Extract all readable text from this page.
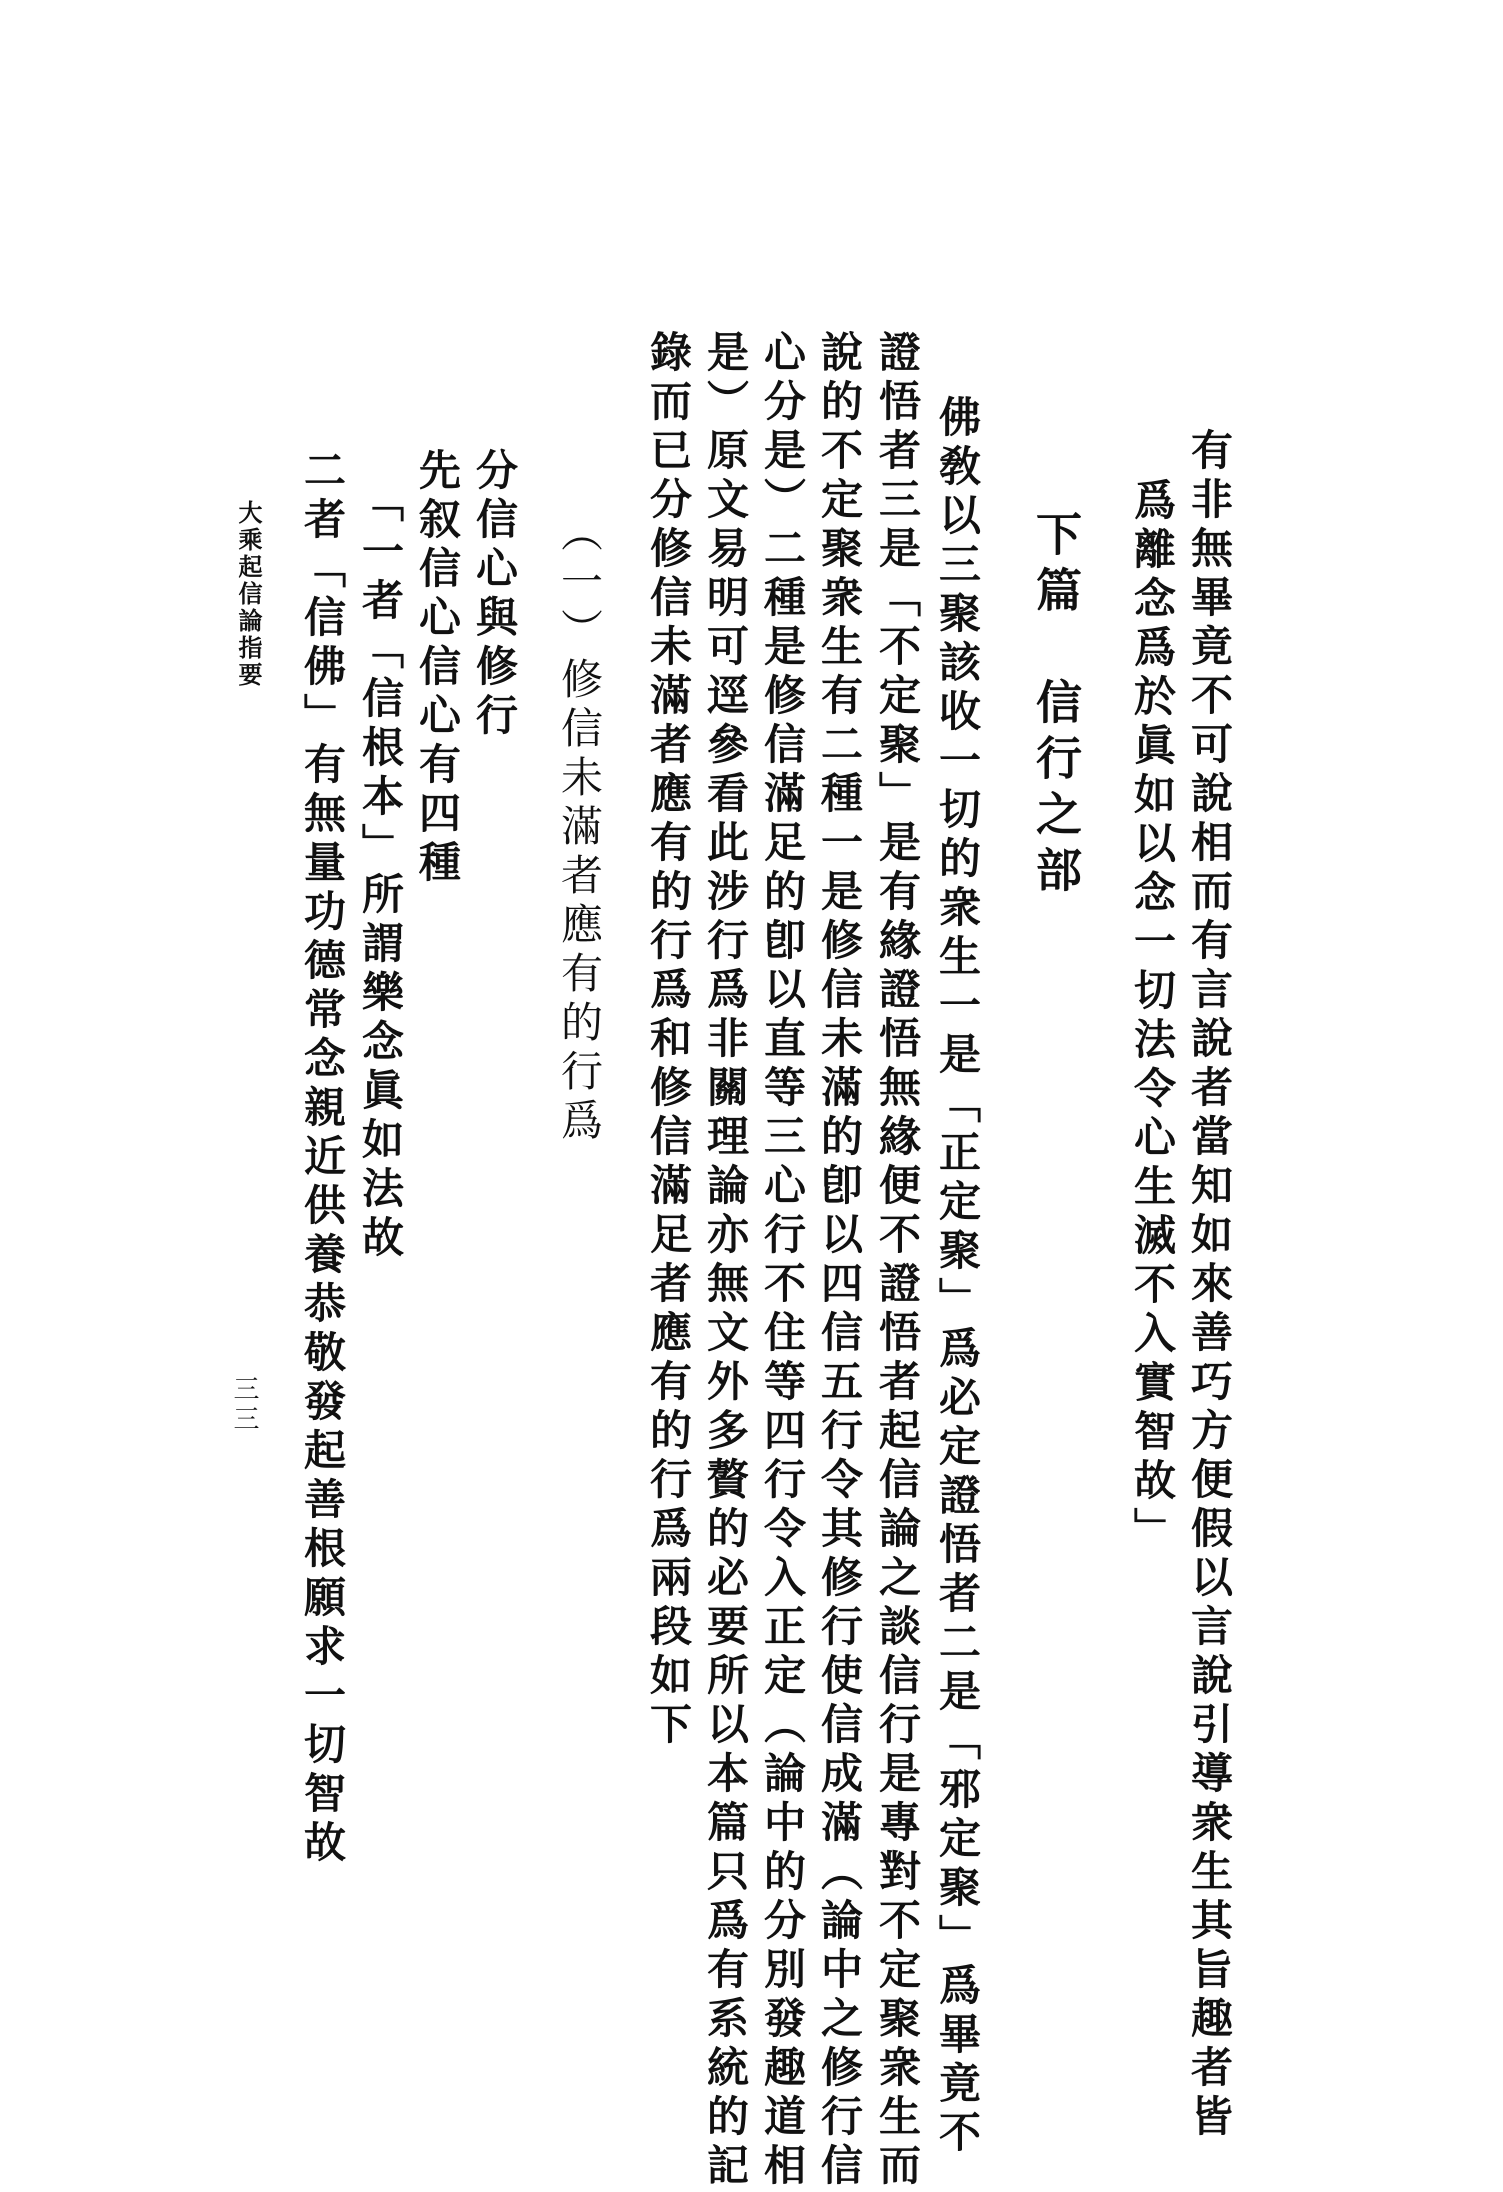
有非無畢竟不可說相而有言說者當知如來善巧方便假以言說引導衆生其旨趣者皆
爲離念爲於眞如以念一切法令心生滅不入實智故」
下篇　信行之部
佛敎以三聚該收一切的衆生一是「正定聚」爲必定證悟者二是「邪定聚」爲畢竟不
證悟者三是「不定聚」是有緣證悟無緣便不證悟者起信論之談信行是專對不定聚衆生而
說的不定聚衆生有二種一是修信未滿的卽以四信五行令其修行使信成滿（論中之修行信
心分是）二種是修信滿足的卽以直等三心行不住等四行令入正定（論中的分別發趣道相
是）原文易明可逕參看此涉行爲非關理論亦無文外多贅的必要所以本篇只爲有系統的記
錄而已分修信未滿者應有的行爲和修信滿足者應有的行爲兩段如下
（一）修信未滿者應有的行爲
分信心與修行
先叙信心信心有四種
「一者「信根本」所謂樂念眞如法故
二者「信佛」有無量功德常念親近供養恭敬發起善根願求一切智故
大乘起信論指要
三三
